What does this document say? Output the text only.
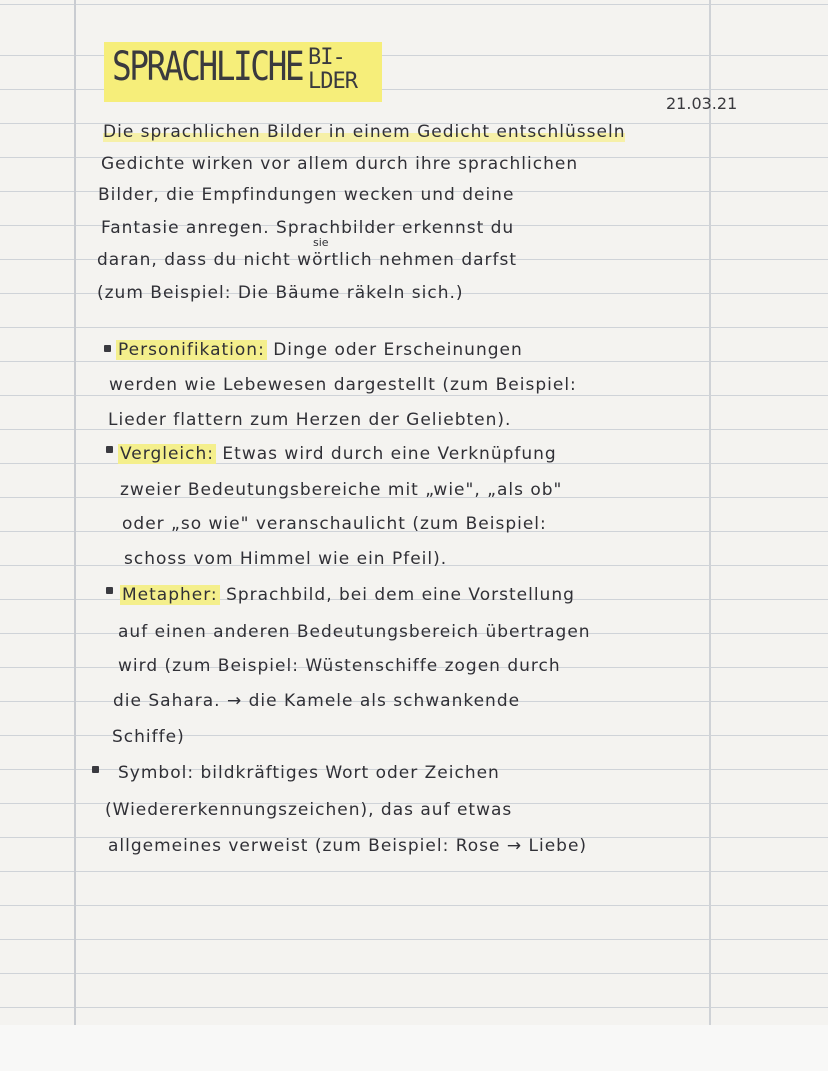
SPRACHLICHE BI-
LDER
21.03.21
Die sprachlichen Bilder in einem Gedicht entschlüsseln
Gedichte wirken vor allem durch ihre sprachlichen
Bilder, die Empfindungen wecken und deine
Fantasie anregen. Sprachbilder erkennst du
sie
daran, dass du nicht wörtlich nehmen darfst
(zum Beispiel: Die Bäume räkeln sich.)
Personifikation: Dinge oder Erscheinungen
werden wie Lebewesen dargestellt (zum Beispiel:
Lieder flattern zum Herzen der Geliebten).
Vergleich: Etwas wird durch eine Verknüpfung
zweier Bedeutungsbereiche mit „wie", „als ob"
oder „so wie" veranschaulicht (zum Beispiel:
schoss vom Himmel wie ein Pfeil).
Metapher: Sprachbild, bei dem eine Vorstellung
auf einen anderen Bedeutungsbereich übertragen
wird (zum Beispiel: Wüstenschiffe zogen durch
die Sahara. → die Kamele als schwankende
Schiffe)
Symbol: bildkräftiges Wort oder Zeichen
(Wiedererkennungszeichen), das auf etwas
allgemeines verweist (zum Beispiel: Rose → Liebe)
